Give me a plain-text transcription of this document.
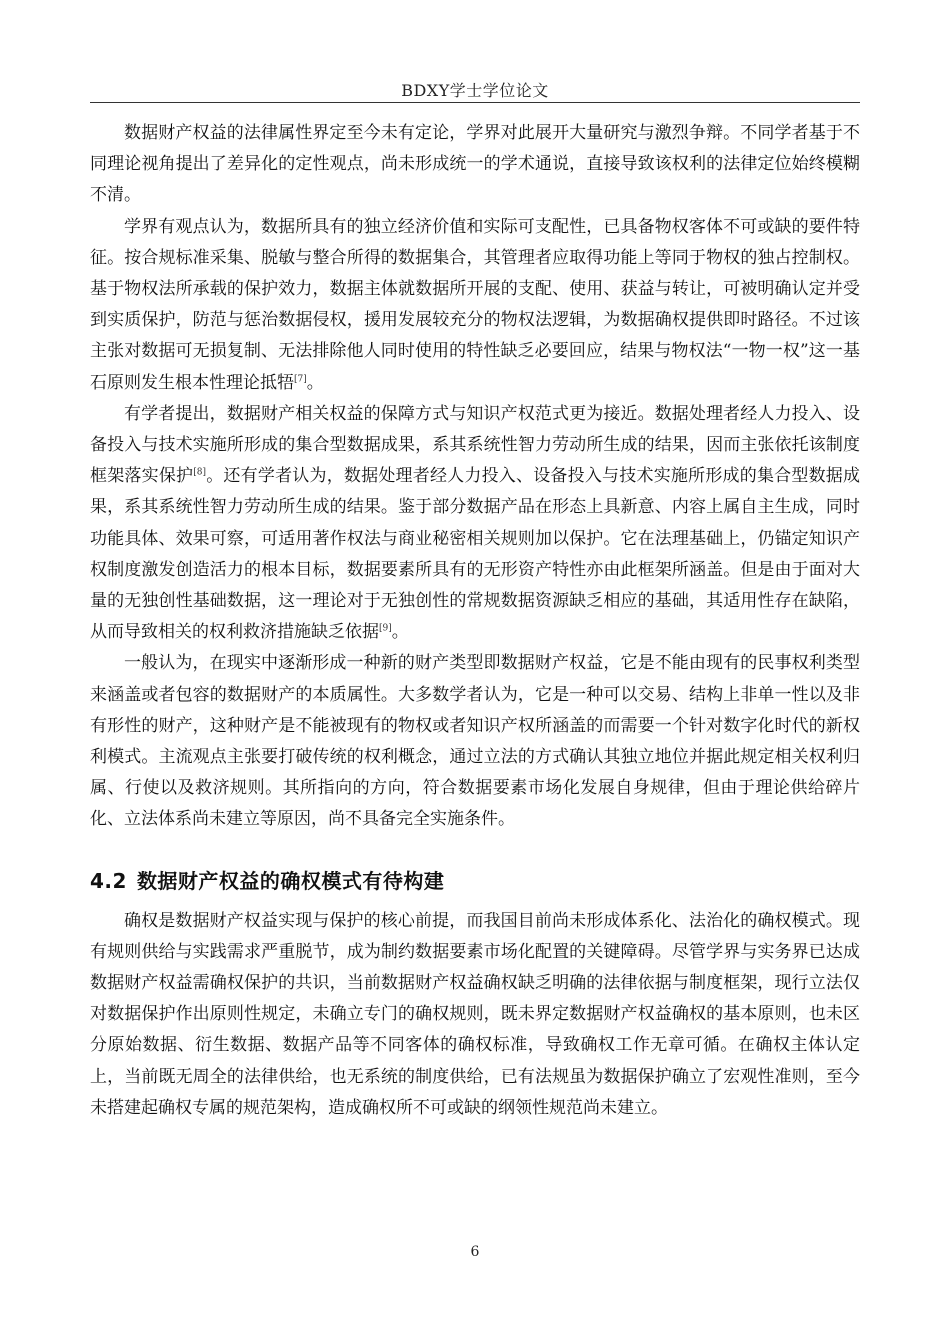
BDXY学士学位论文

数据财产权益的法律属性界定至今未有定论，学界对此展开大量研究与激烈争辩。不同学者基于不同理论视角提出了差异化的定性观点，尚未形成统一的学术通说，直接导致该权利的法律定位始终模糊不清。

学界有观点认为，数据所具有的独立经济价值和实际可支配性，已具备物权客体不可或缺的要件特征。按合规标准采集、脱敏与整合所得的数据集合，其管理者应取得功能上等同于物权的独占控制权。基于物权法所承载的保护效力，数据主体就数据所开展的支配、使用、获益与转让，可被明确认定并受到实质保护，防范与惩治数据侵权，援用发展较充分的物权法逻辑，为数据确权提供即时路径。不过该主张对数据可无损复制、无法排除他人同时使用的特性缺乏必要回应，结果与物权法“一物一权”这一基石原则发生根本性理论抵牾[7]。

有学者提出，数据财产相关权益的保障方式与知识产权范式更为接近。数据处理者经人力投入、设备投入与技术实施所形成的集合型数据成果，系其系统性智力劳动所生成的结果，因而主张依托该制度框架落实保护[8]。还有学者认为，数据处理者经人力投入、设备投入与技术实施所形成的集合型数据成果，系其系统性智力劳动所生成的结果。鉴于部分数据产品在形态上具新意、内容上属自主生成，同时功能具体、效果可察，可适用著作权法与商业秘密相关规则加以保护。它在法理基础上，仍锚定知识产权制度激发创造活力的根本目标，数据要素所具有的无形资产特性亦由此框架所涵盖。但是由于面对大量的无独创性基础数据，这一理论对于无独创性的常规数据资源缺乏相应的基础，其适用性存在缺陷，从而导致相关的权利救济措施缺乏依据[9]。

一般认为，在现实中逐渐形成一种新的财产类型即数据财产权益，它是不能由现有的民事权利类型来涵盖或者包容的数据财产的本质属性。大多数学者认为，它是一种可以交易、结构上非单一性以及非有形性的财产，这种财产是不能被现有的物权或者知识产权所涵盖的而需要一个针对数字化时代的新权利模式。主流观点主张要打破传统的权利概念，通过立法的方式确认其独立地位并据此规定相关权利归属、行使以及救济规则。其所指向的方向，符合数据要素市场化发展自身规律，但由于理论供给碎片化、立法体系尚未建立等原因，尚不具备完全实施条件。

4.2 数据财产权益的确权模式有待构建

确权是数据财产权益实现与保护的核心前提，而我国目前尚未形成体系化、法治化的确权模式。现有规则供给与实践需求严重脱节，成为制约数据要素市场化配置的关键障碍。尽管学界与实务界已达成数据财产权益需确权保护的共识，当前数据财产权益确权缺乏明确的法律依据与制度框架，现行立法仅对数据保护作出原则性规定，未确立专门的确权规则，既未界定数据财产权益确权的基本原则，也未区分原始数据、衍生数据、数据产品等不同客体的确权标准，导致确权工作无章可循。在确权主体认定上，当前既无周全的法律供给，也无系统的制度供给，已有法规虽为数据保护确立了宏观性准则，至今未搭建起确权专属的规范架构，造成确权所不可或缺的纲领性规范尚未建立。

6
